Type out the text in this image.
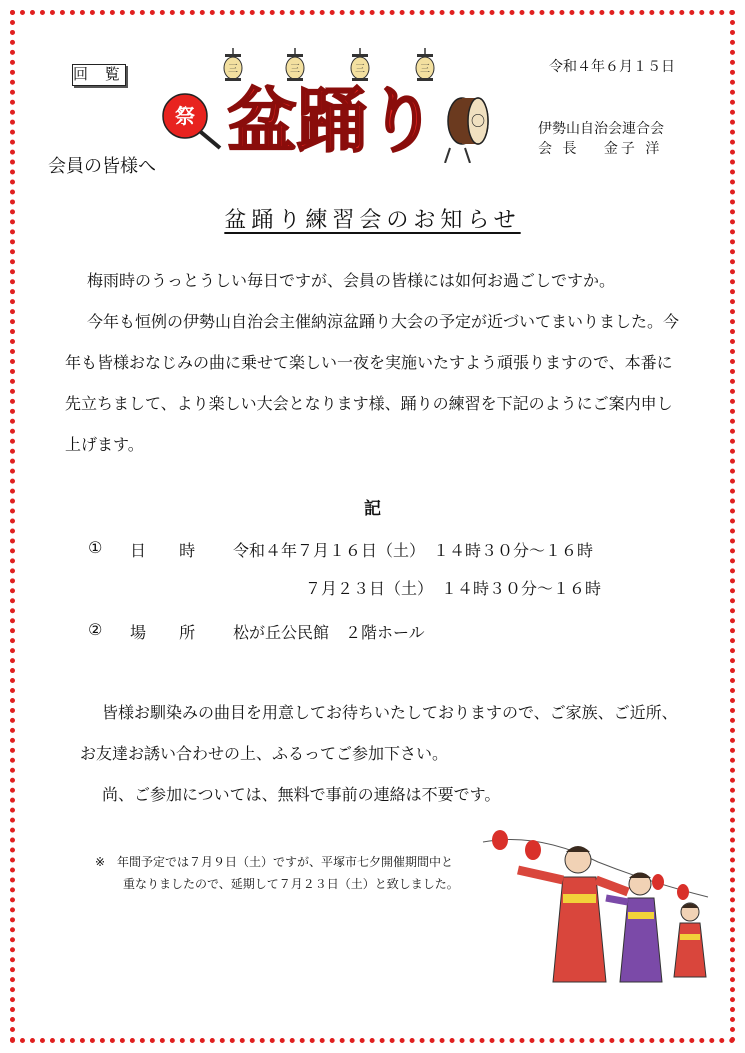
回 覧	三	三	三	三
祭 盆踊り 〇
令和４年６月１５日
伊勢山自治会連合会
会 長　 金子 洋
会員の皆様へ
盆踊り練習会のお知らせ
梅雨時のうっとうしい毎日ですが、会員の皆様には如何お過ごしですか。
今年も恒例の伊勢山自治会主催納涼盆踊り大会の予定が近づいてまいりました。今年も皆様おなじみの曲に乗せて楽しい一夜を実施いたすよう頑張りますので、本番に先立ちまして、より楽しい大会となります様、踊りの練習を下記のようにご案内申し上げます。
記
① 日 時 令和４年７月１６日（土）　１４時３０分～１６時
７月２３日（土）　１４時３０分～１６時
② 場 所 松が丘公民館　２階ホール
皆様お馴染みの曲目を用意してお待ちいたしておりますので、ご家族、ご近所、お友達お誘い合わせの上、ふるってご参加下さい。
尚、ご参加については、無料で事前の連絡は不要です。
※　年間予定では７月９日（土）ですが、平塚市七夕開催期間中と
重なりましたので、延期して７月２３日（土）と致しました。
